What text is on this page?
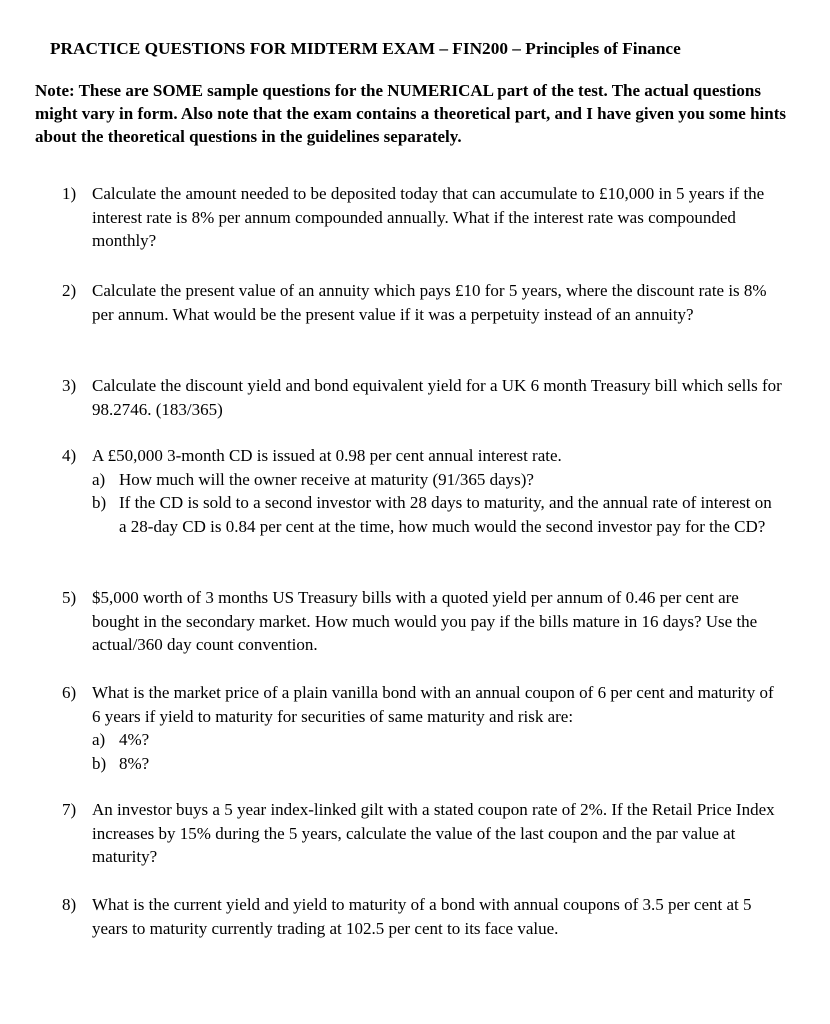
PRACTICE QUESTIONS FOR MIDTERM EXAM – FIN200 – Principles of Finance
Note: These are SOME sample questions for the NUMERICAL part of the test. The actual questions might vary in form. Also note that the exam contains a theoretical part, and I have given you some hints about the theoretical questions in the guidelines separately.
1) Calculate the amount needed to be deposited today that can accumulate to £10,000 in 5 years if the interest rate is 8% per annum compounded annually. What if the interest rate was compounded monthly?
2) Calculate the present value of an annuity which pays £10 for 5 years, where the discount rate is 8% per annum. What would be the present value if it was a perpetuity instead of an annuity?
3) Calculate the discount yield and bond equivalent yield for a UK 6 month Treasury bill which sells for 98.2746. (183/365)
4) A £50,000 3-month CD is issued at 0.98 per cent annual interest rate.
a) How much will the owner receive at maturity (91/365 days)?
b) If the CD is sold to a second investor with 28 days to maturity, and the annual rate of interest on a 28-day CD is 0.84 per cent at the time, how much would the second investor pay for the CD?
5) $5,000 worth of 3 months US Treasury bills with a quoted yield per annum of 0.46 per cent are bought in the secondary market. How much would you pay if the bills mature in 16 days? Use the actual/360 day count convention.
6) What is the market price of a plain vanilla bond with an annual coupon of 6 per cent and maturity of 6 years if yield to maturity for securities of same maturity and risk are:
a) 4%?
b) 8%?
7) An investor buys a 5 year index-linked gilt with a stated coupon rate of 2%. If the Retail Price Index increases by 15% during the 5 years, calculate the value of the last coupon and the par value at maturity?
8) What is the current yield and yield to maturity of a bond with annual coupons of 3.5 per cent at 5 years to maturity currently trading at 102.5 per cent to its face value.
